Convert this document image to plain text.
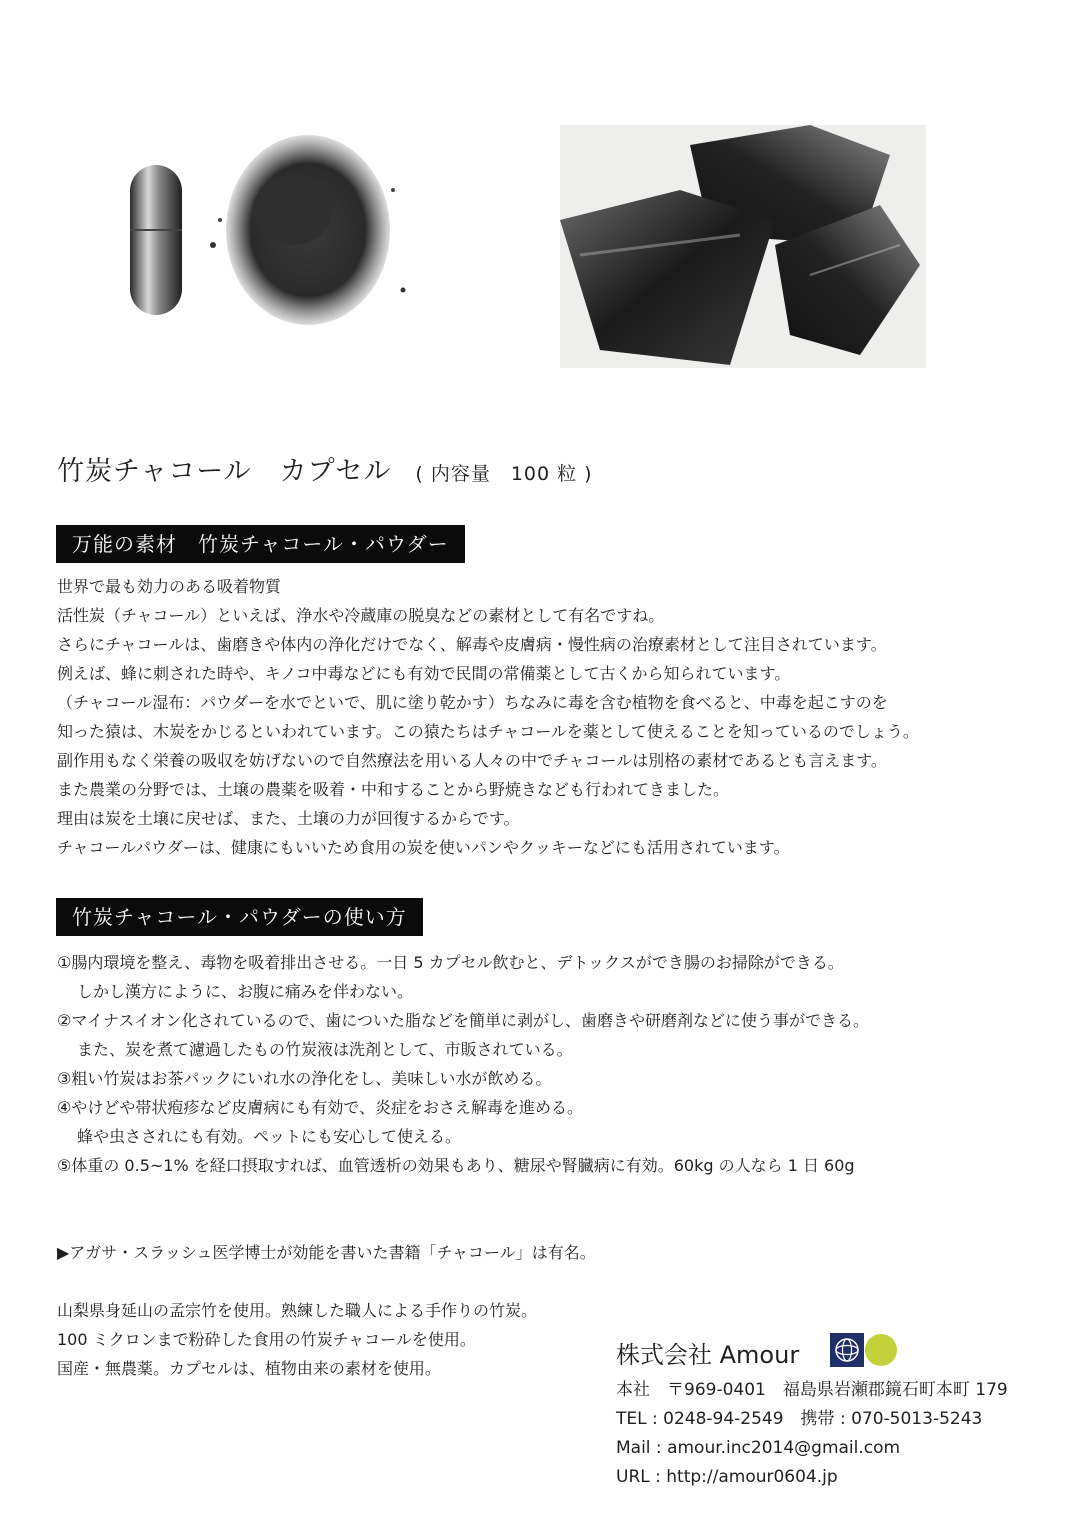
竹炭チャコール　カプセル ( 内容量　100 粒 )
万能の素材　竹炭チャコール・パウダー
世界で最も効力のある吸着物質
活性炭（チャコール）といえば、浄水や冷蔵庫の脱臭などの素材として有名ですね。
さらにチャコールは、歯磨きや体内の浄化だけでなく、解毒や皮膚病・慢性病の治療素材として注目されています。
例えば、蜂に刺された時や、キノコ中毒などにも有効で民間の常備薬として古くから知られています。
（チャコール湿布：パウダーを水でといで、肌に塗り乾かす）ちなみに毒を含む植物を食べると、中毒を起こすのを
知った猿は、木炭をかじるといわれています。この猿たちはチャコールを薬として使えることを知っているのでしょう。
副作用もなく栄養の吸収を妨げないので自然療法を用いる人々の中でチャコールは別格の素材であるとも言えます。
また農業の分野では、土壌の農薬を吸着・中和することから野焼きなども行われてきました。
理由は炭を土壌に戻せば、また、土壌の力が回復するからです。
チャコールパウダーは、健康にもいいため食用の炭を使いパンやクッキーなどにも活用されています。
竹炭チャコール・パウダーの使い方
①腸内環境を整え、毒物を吸着排出させる。一日 5 カプセル飲むと、デトックスができ腸のお掃除ができる。
しかし漢方にように、お腹に痛みを伴わない。
②マイナスイオン化されているので、歯についた脂などを簡単に剥がし、歯磨きや研磨剤などに使う事ができる。
また、炭を煮て濾過したもの竹炭液は洗剤として、市販されている。
③粗い竹炭はお茶パックにいれ水の浄化をし、美味しい水が飲める。
④やけどや帯状疱疹など皮膚病にも有効で、炎症をおさえ解毒を進める。
蜂や虫さされにも有効。ペットにも安心して使える。
⑤体重の 0.5~1% を経口摂取すれば、血管透析の効果もあり、糖尿や腎臓病に有効。60kg の人なら 1 日 60g
▶アガサ・スラッシュ医学博士が効能を書いた書籍「チャコール」は有名。
山梨県身延山の孟宗竹を使用。熟練した職人による手作りの竹炭。
100 ミクロンまで粉砕した食用の竹炭チャコールを使用。
国産・無農薬。カプセルは、植物由来の素材を使用。	株式会社 Amour
本社　〒969-0401　福島県岩瀬郡鏡石町本町 179
TEL : 0248-94-2549　携帯 : 070-5013-5243
Mail : amour.inc2014@gmail.com
URL : http://amour0604.jp
